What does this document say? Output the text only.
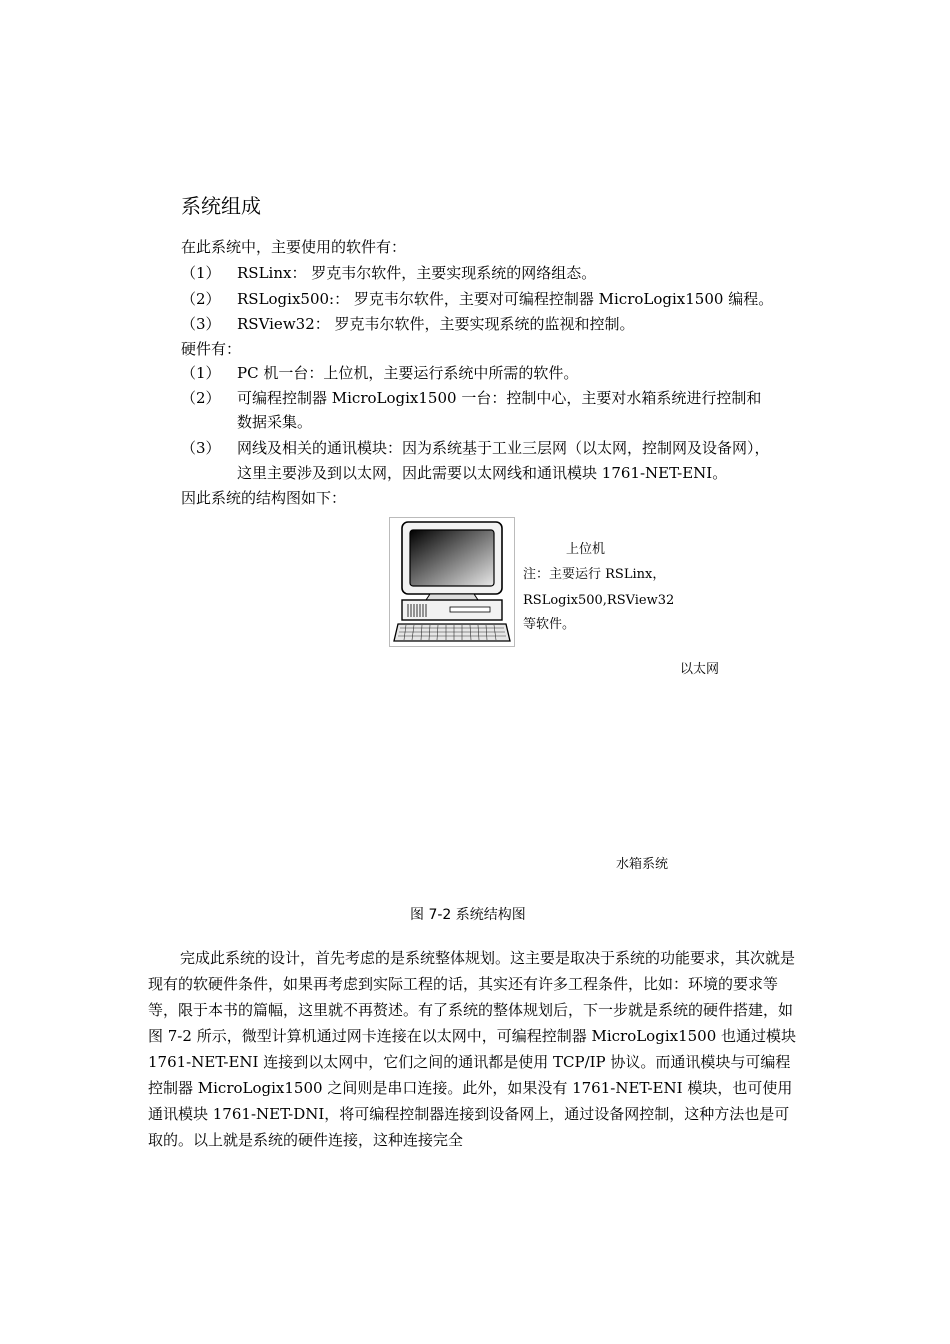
系统组成
在此系统中，主要使用的软件有：
（1） RSLinx： 罗克韦尔软件，主要实现系统的网络组态。
（2） RSLogix500:： 罗克韦尔软件，主要对可编程控制器 MicroLogix1500 编程。
（3） RSView32： 罗克韦尔软件，主要实现系统的监视和控制。
硬件有：
（1） PC 机一台：上位机，主要运行系统中所需的软件。
（2） 可编程控制器 MicroLogix1500 一台：控制中心，主要对水箱系统进行控制和
数据采集。
（3） 网线及相关的通讯模块：因为系统基于工业三层网（以太网，控制网及设备网），
这里主要涉及到以太网，因此需要以太网线和通讯模块 1761-NET-ENI。
因此系统的结构图如下：
上位机
注：主要运行 RSLinx，
RSLogix500,RSView32
等软件。
以太网
水箱系统
图 7-2 系统结构图
完成此系统的设计，首先考虑的是系统整体规划。这主要是取决于系统的功能要求，其次就是现有的软硬件条件，如果再考虑到实际工程的话，其实还有许多工程条件，比如：环境的要求等等，限于本书的篇幅，这里就不再赘述。有了系统的整体规划后，下一步就是系统的硬件搭建，如图 7-2 所示，微型计算机通过网卡连接在以太网中，可编程控制器 MicroLogix1500 也通过模块 1761-NET-ENI 连接到以太网中，它们之间的通讯都是使用 TCP/IP 协议。而通讯模块与可编程控制器 MicroLogix1500 之间则是串口连接。此外，如果没有 1761-NET-ENI 模块，也可使用通讯模块 1761-NET-DNI，将可编程控制器连接到设备网上，通过设备网控制，这种方法也是可取的。以上就是系统的硬件连接，这种连接完全
